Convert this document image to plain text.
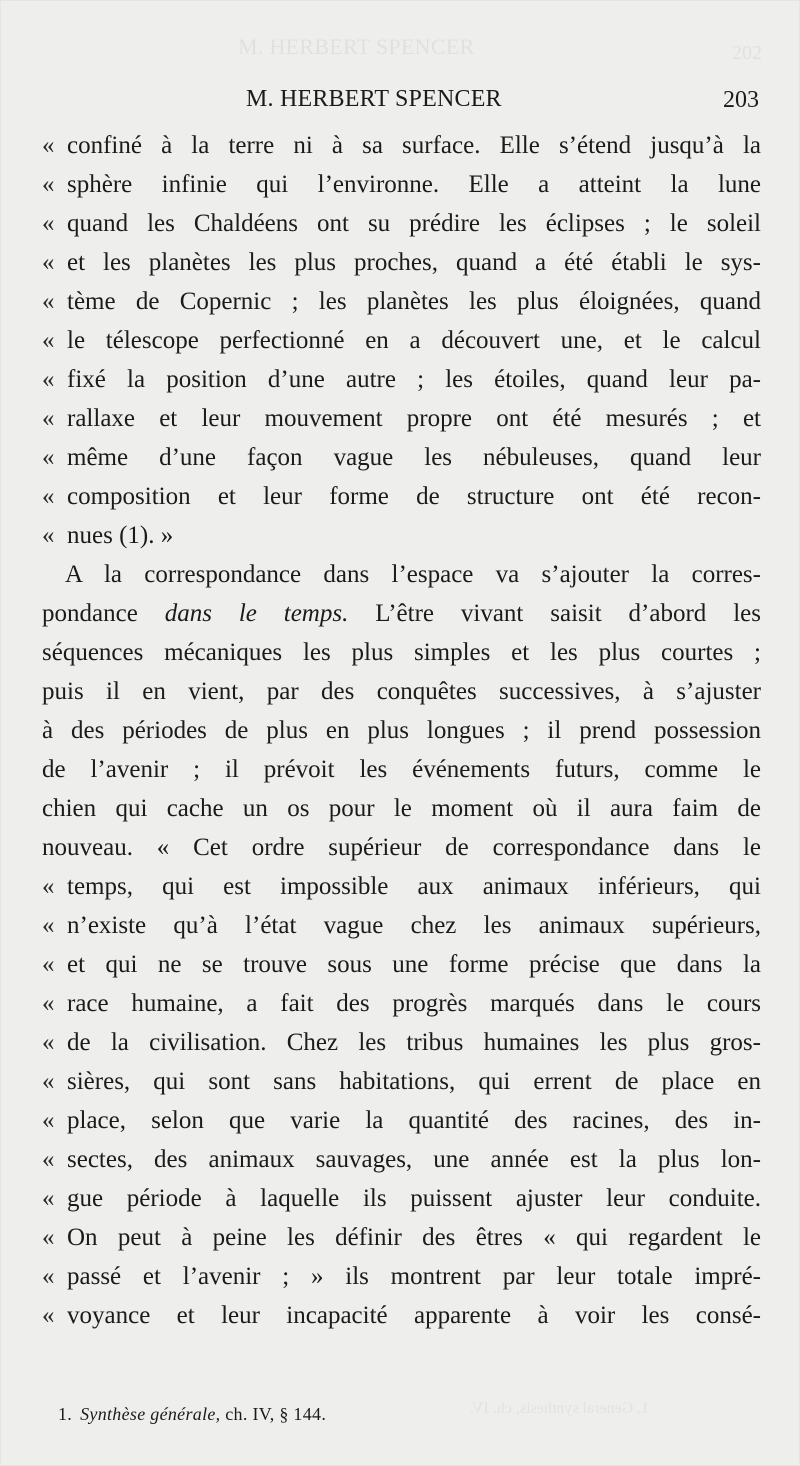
M. HERBERT SPENCER	202
M. HERBERT SPENCER	203
« confiné à la terre ni à sa surface. Elle s’étend jusqu’à la
« sphère infinie qui l’environne. Elle a atteint la lune
« quand les Chaldéens ont su prédire les éclipses ; le soleil
« et les planètes les plus proches, quand a été établi le sys-
« tème de Copernic ; les planètes les plus éloignées, quand
« le télescope perfectionné en a découvert une, et le calcul
« fixé la position d’une autre ; les étoiles, quand leur pa-
« rallaxe et leur mouvement propre ont été mesurés ; et
« même d’une façon vague les nébuleuses, quand leur
« composition et leur forme de structure ont été recon-
« nues (1). »
A la correspondance dans l’espace va s’ajouter la corres-
pondance dans le temps. L’être vivant saisit d’abord les
séquences mécaniques les plus simples et les plus courtes ;
puis il en vient, par des conquêtes successives, à s’ajuster
à des périodes de plus en plus longues ; il prend possession
de l’avenir ; il prévoit les événements futurs, comme le
chien qui cache un os pour le moment où il aura faim de
nouveau. « Cet ordre supérieur de correspondance dans le
« temps, qui est impossible aux animaux inférieurs, qui
« n’existe qu’à l’état vague chez les animaux supérieurs,
« et qui ne se trouve sous une forme précise que dans la
« race humaine, a fait des progrès marqués dans le cours
« de la civilisation. Chez les tribus humaines les plus gros-
« sières, qui sont sans habitations, qui errent de place en
« place, selon que varie la quantité des racines, des in-
« sectes, des animaux sauvages, une année est la plus lon-
« gue période à laquelle ils puissent ajuster leur conduite.
« On peut à peine les définir des êtres « qui regardent le
« passé et l’avenir ; » ils montrent par leur totale impré-
« voyance et leur incapacité apparente à voir les consé-
1. General synthesis, ch. IV.
1. Synthèse générale, ch. IV, § 144.
